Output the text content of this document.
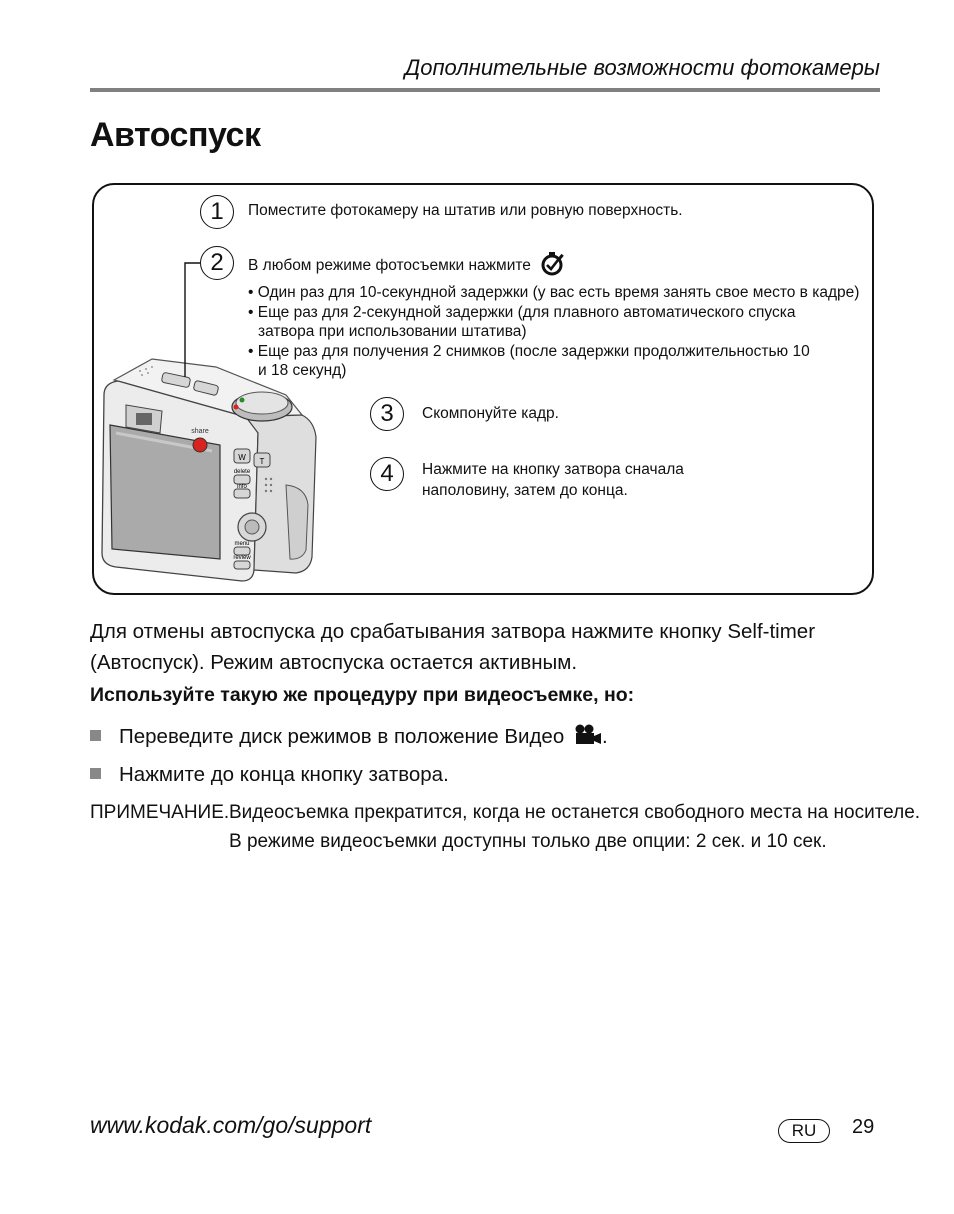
Дополнительные возможности фотокамеры
Автоспуск
share
W T
delete
info
menu
review
1	Поместите фотокамеру на штатив или ровную поверхность.
2	В любом режиме фотосъемки нажмите
• Один раз для 10-секундной задержки (у вас есть время занять свое место в кадре)
• Еще раз для 2-секундной задержки (для плавного автоматического спуска
затвора при использовании штатива)
• Еще раз для получения 2 снимков (после задержки продолжительностью 10
и 18 секунд)
3	Скомпонуйте кадр.
4	Нажмите на кнопку затвора сначала
наполовину, затем до конца.
Для отмены автоспуска до срабатывания затвора нажмите кнопку Self-timer
(Автоспуск). Режим автоспуска остается активным.
Используйте такую же процедуру при видеосъемке, но:
Переведите диск режимов в положение Видео .
Нажмите до конца кнопку затвора.
ПРИМЕЧАНИЕ. Видеосъемка прекратится, когда не останется свободного места на носителе.
В режиме видеосъемки доступны только две опции: 2 сек. и 10 сек.
www.kodak.com/go/support	RU	29
